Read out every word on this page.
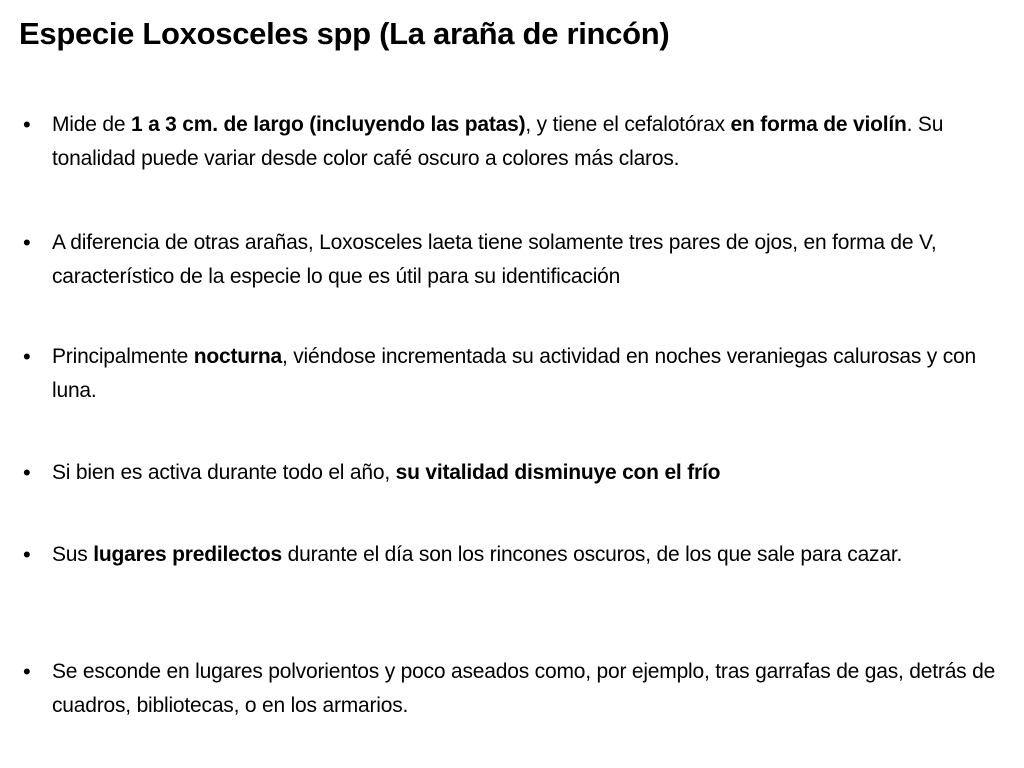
Especie Loxosceles spp (La araña de rincón)
• Mide de 1 a 3 cm. de largo (incluyendo las patas), y tiene el cefalotórax en forma de violín. Su tonalidad puede variar desde color café oscuro a colores más claros.
• A diferencia de otras arañas, Loxosceles laeta tiene solamente tres pares de ojos, en forma de V, característico de la especie lo que es útil para su identificación
• Principalmente nocturna, viéndose incrementada su actividad en noches veraniegas calurosas y con luna.
• Si bien es activa durante todo el año, su vitalidad disminuye con el frío
• Sus lugares predilectos durante el día son los rincones oscuros, de los que sale para cazar.
• Se esconde en lugares polvorientos y poco aseados como, por ejemplo, tras garrafas de gas, detrás de cuadros, bibliotecas, o en los armarios.
